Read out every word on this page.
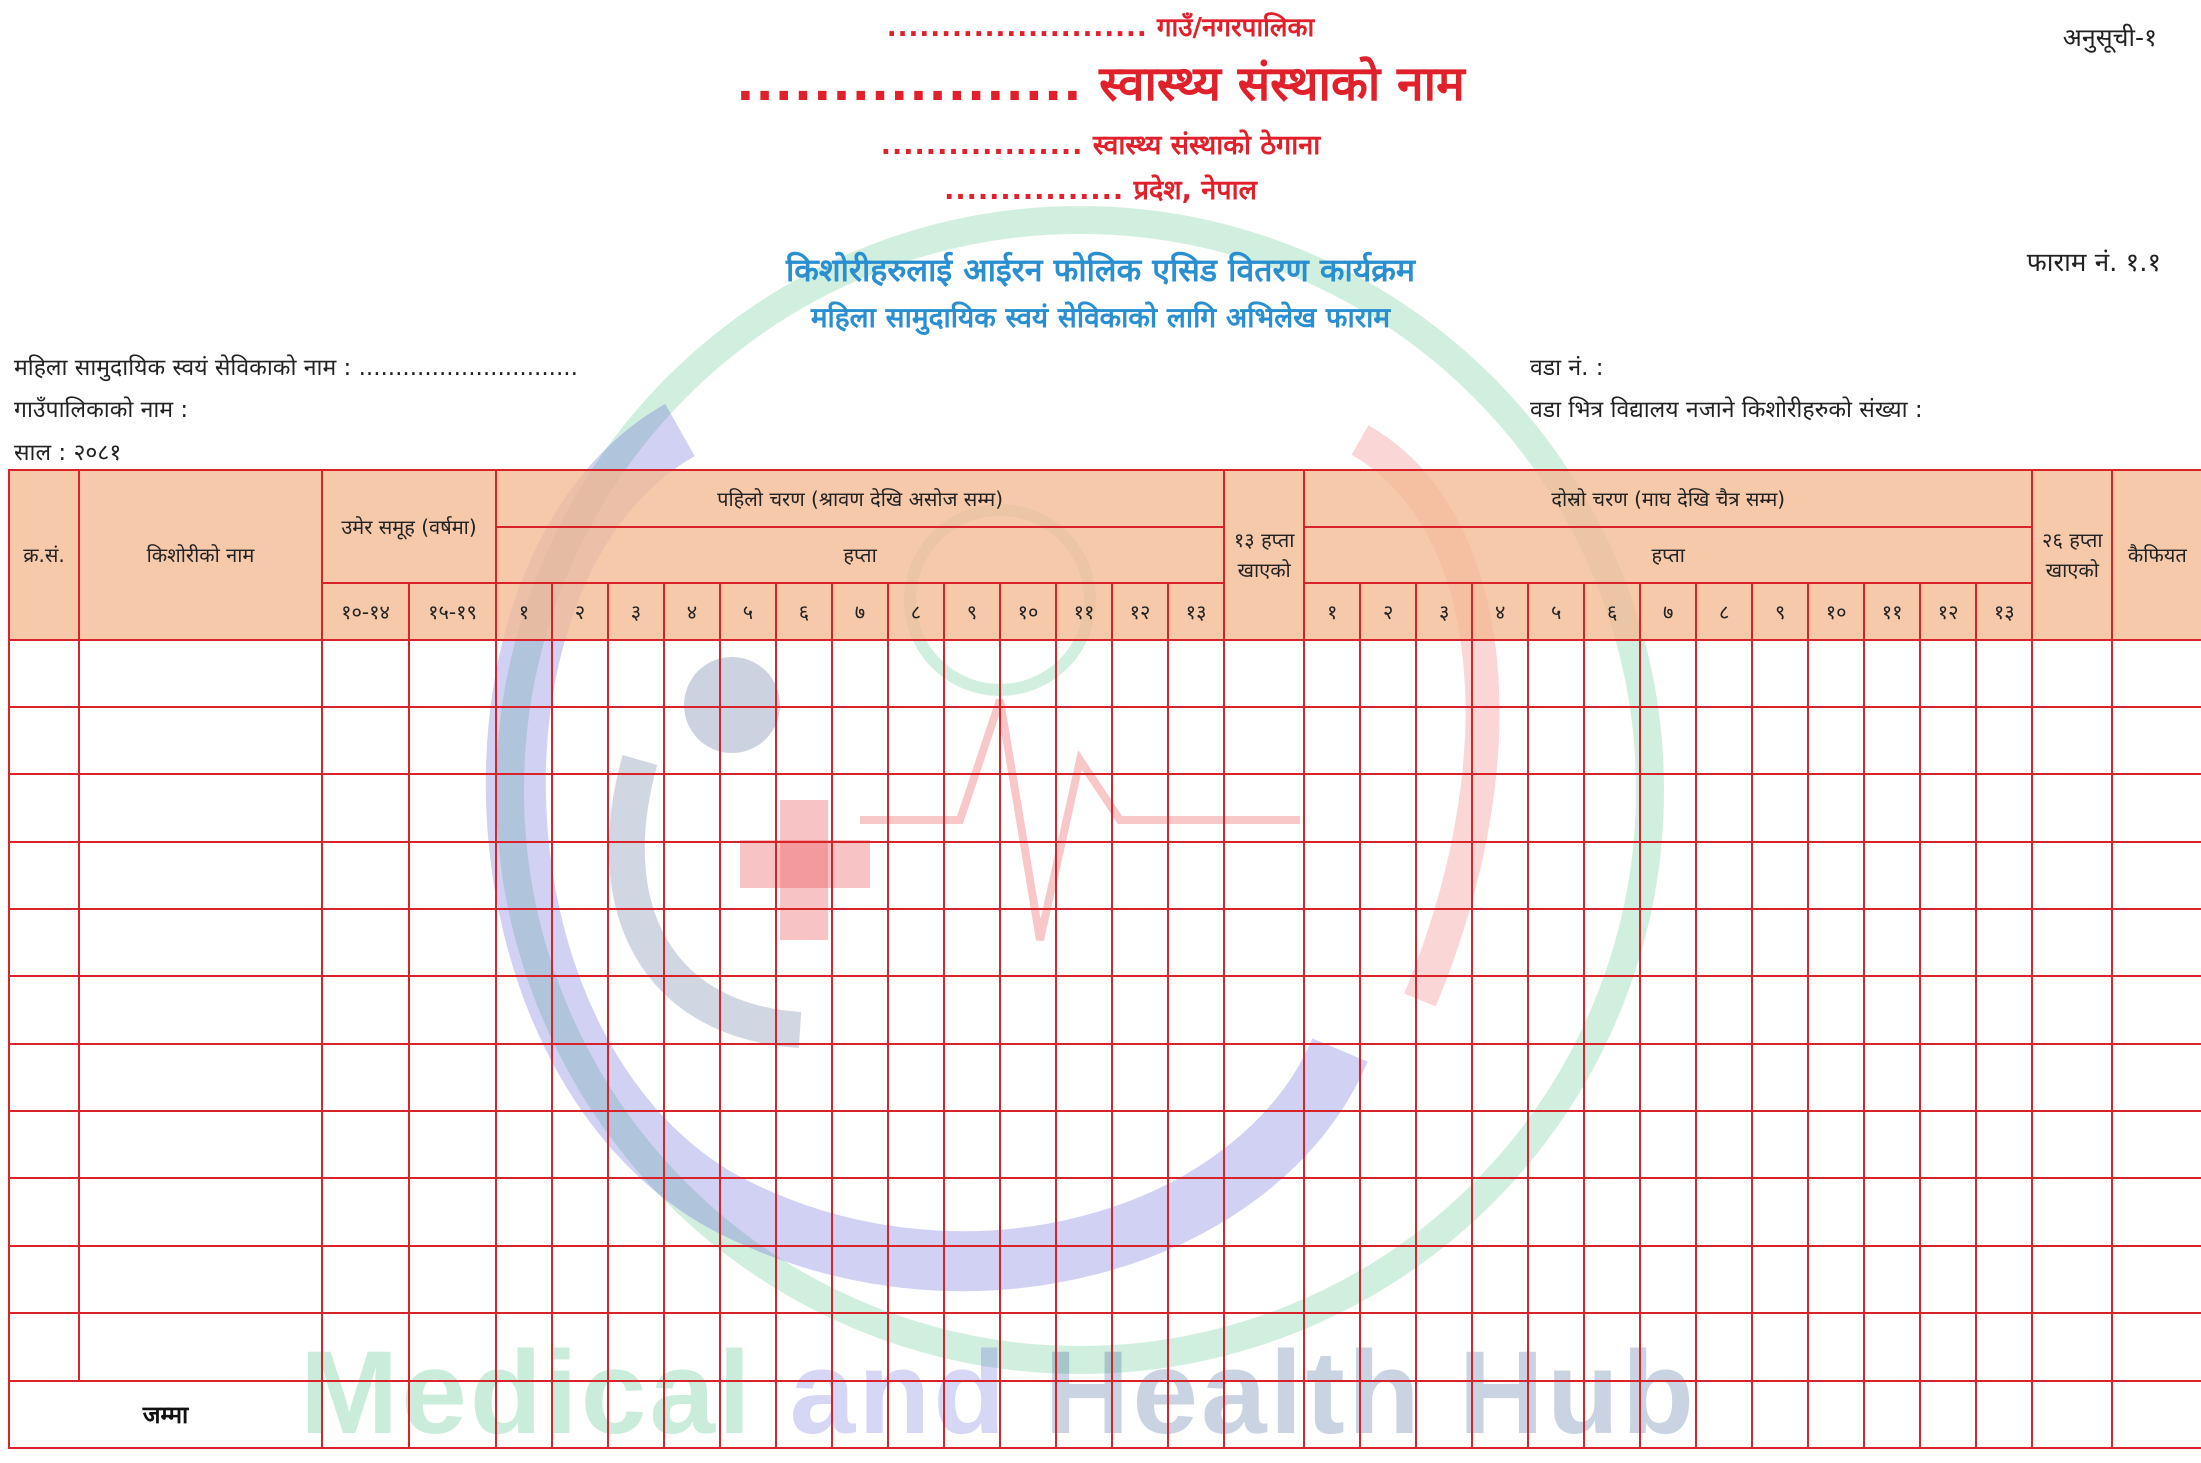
Medical and Health Hub
........................ गाउँ/नगरपालिका
.................. स्वास्थ्य संस्थाको नाम
.................. स्वास्थ्य संस्थाको ठेगाना
................ प्रदेश, नेपाल
अनुसूची-१
फाराम नं. १.१
किशोरीहरुलाई आईरन फोलिक एसिड वितरण कार्यक्रम
महिला सामुदायिक स्वयं सेविकाको लागि अभिलेख फाराम
महिला सामुदायिक स्वयं सेविकाको नाम : ..............................
गाउँपालिकाको नाम :
साल : २०८१
वडा नं. :
वडा भित्र विद्यालय नजाने किशोरीहरुको संख्या :
क्र.सं.	किशोरीको नाम	उमेर समूह (वर्षमा)		पहिलो चरण (श्रावण देखि असोज सम्म)													१३ हप्ता खाएको	दोस्रो चरण (माघ देखि चैत्र सम्म)													२६ हप्ता खाएको	कैफियत
				हप्ता														हप्ता														
		१०-१४	१५-१९	१	२	३	४	५	६	७	८	९	१०	११	१२	१३		१	२	३	४	५	६	७	८	९	१०	११	१२	१३		

जम्मा																																
